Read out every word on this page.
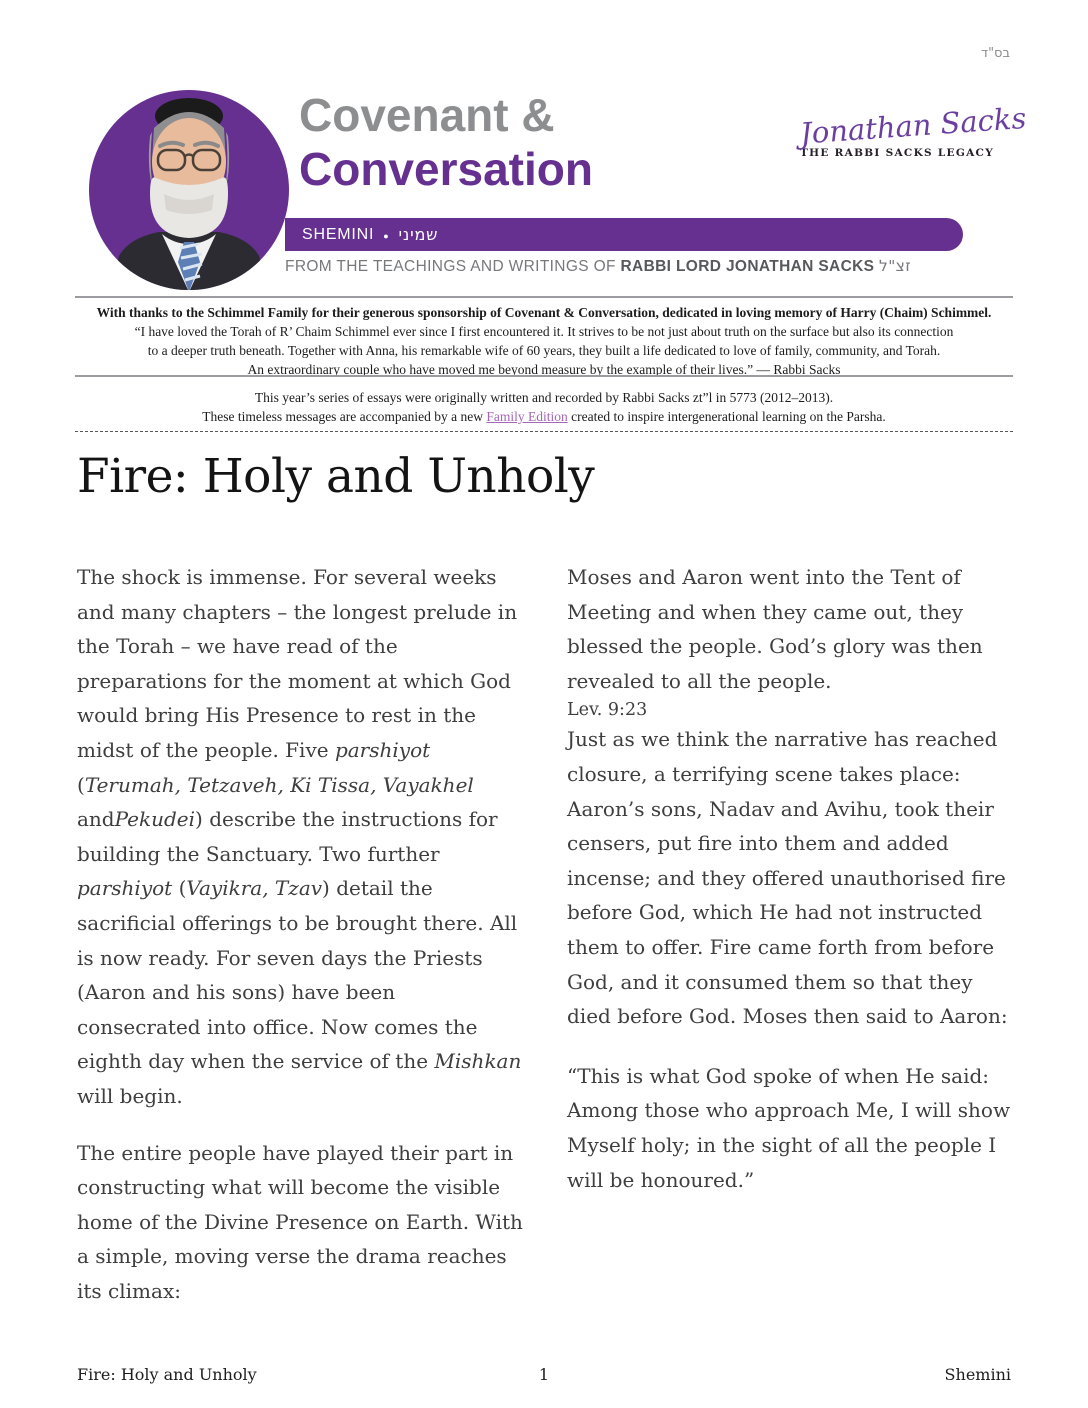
בס"ד
Covenant &
Conversation
SHEMINI ● שמיני
FROM THE TEACHINGS AND WRITINGS OF RABBI LORD JONATHAN SACKS זצ"ל
Jonathan Sacks
THE RABBI SACKS LEGACY
With thanks to the Schimmel Family for their generous sponsorship of Covenant & Conversation, dedicated in loving memory of Harry (Chaim) Schimmel.
“I have loved the Torah of R’ Chaim Schimmel ever since I first encountered it. It strives to be not just about truth on the surface but also its connection
to a deeper truth beneath. Together with Anna, his remarkable wife of 60 years, they built a life dedicated to love of family, community, and Torah.
An extraordinary couple who have moved me beyond measure by the example of their lives.” — Rabbi Sacks
This year’s series of essays were originally written and recorded by Rabbi Sacks zt”l in 5773 (2012–2013).
These timeless messages are accompanied by a new Family Edition created to inspire intergenerational learning on the Parsha.
Fire: Holy and Unholy

The shock is immense. For several weeks and many chapters – the longest prelude in the Torah – we have read of the preparations for the moment at which God would bring His Presence to rest in the midst of the people. Five parshiyot (Terumah, Tetzaveh, Ki Tissa, Vayakhel andPekudei) describe the instructions for building the Sanctuary. Two further parshiyot (Vayikra, Tzav) detail the sacrificial offerings to be brought there. All is now ready. For seven days the Priests (Aaron and his sons) have been consecrated into office. Now comes the eighth day when the service of the Mishkan will begin.

The entire people have played their part in constructing what will become the visible home of the Divine Presence on Earth. With a simple, moving verse the drama reaches its climax:

Moses and Aaron went into the Tent of Meeting and when they came out, they blessed the people. God’s glory was then revealed to all the people.

Lev. 9:23

Just as we think the narrative has reached closure, a terrifying scene takes place: Aaron’s sons, Nadav and Avihu, took their censers, put fire into them and added incense; and they offered unauthorised fire before God, which He had not instructed them to offer. Fire came forth from before God, and it consumed them so that they died before God. Moses then said to Aaron:

“This is what God spoke of when He said: Among those who approach Me, I will show Myself holy; in the sight of all the people I will be honoured.”

Fire: Holy and Unholy	1	Shemini
